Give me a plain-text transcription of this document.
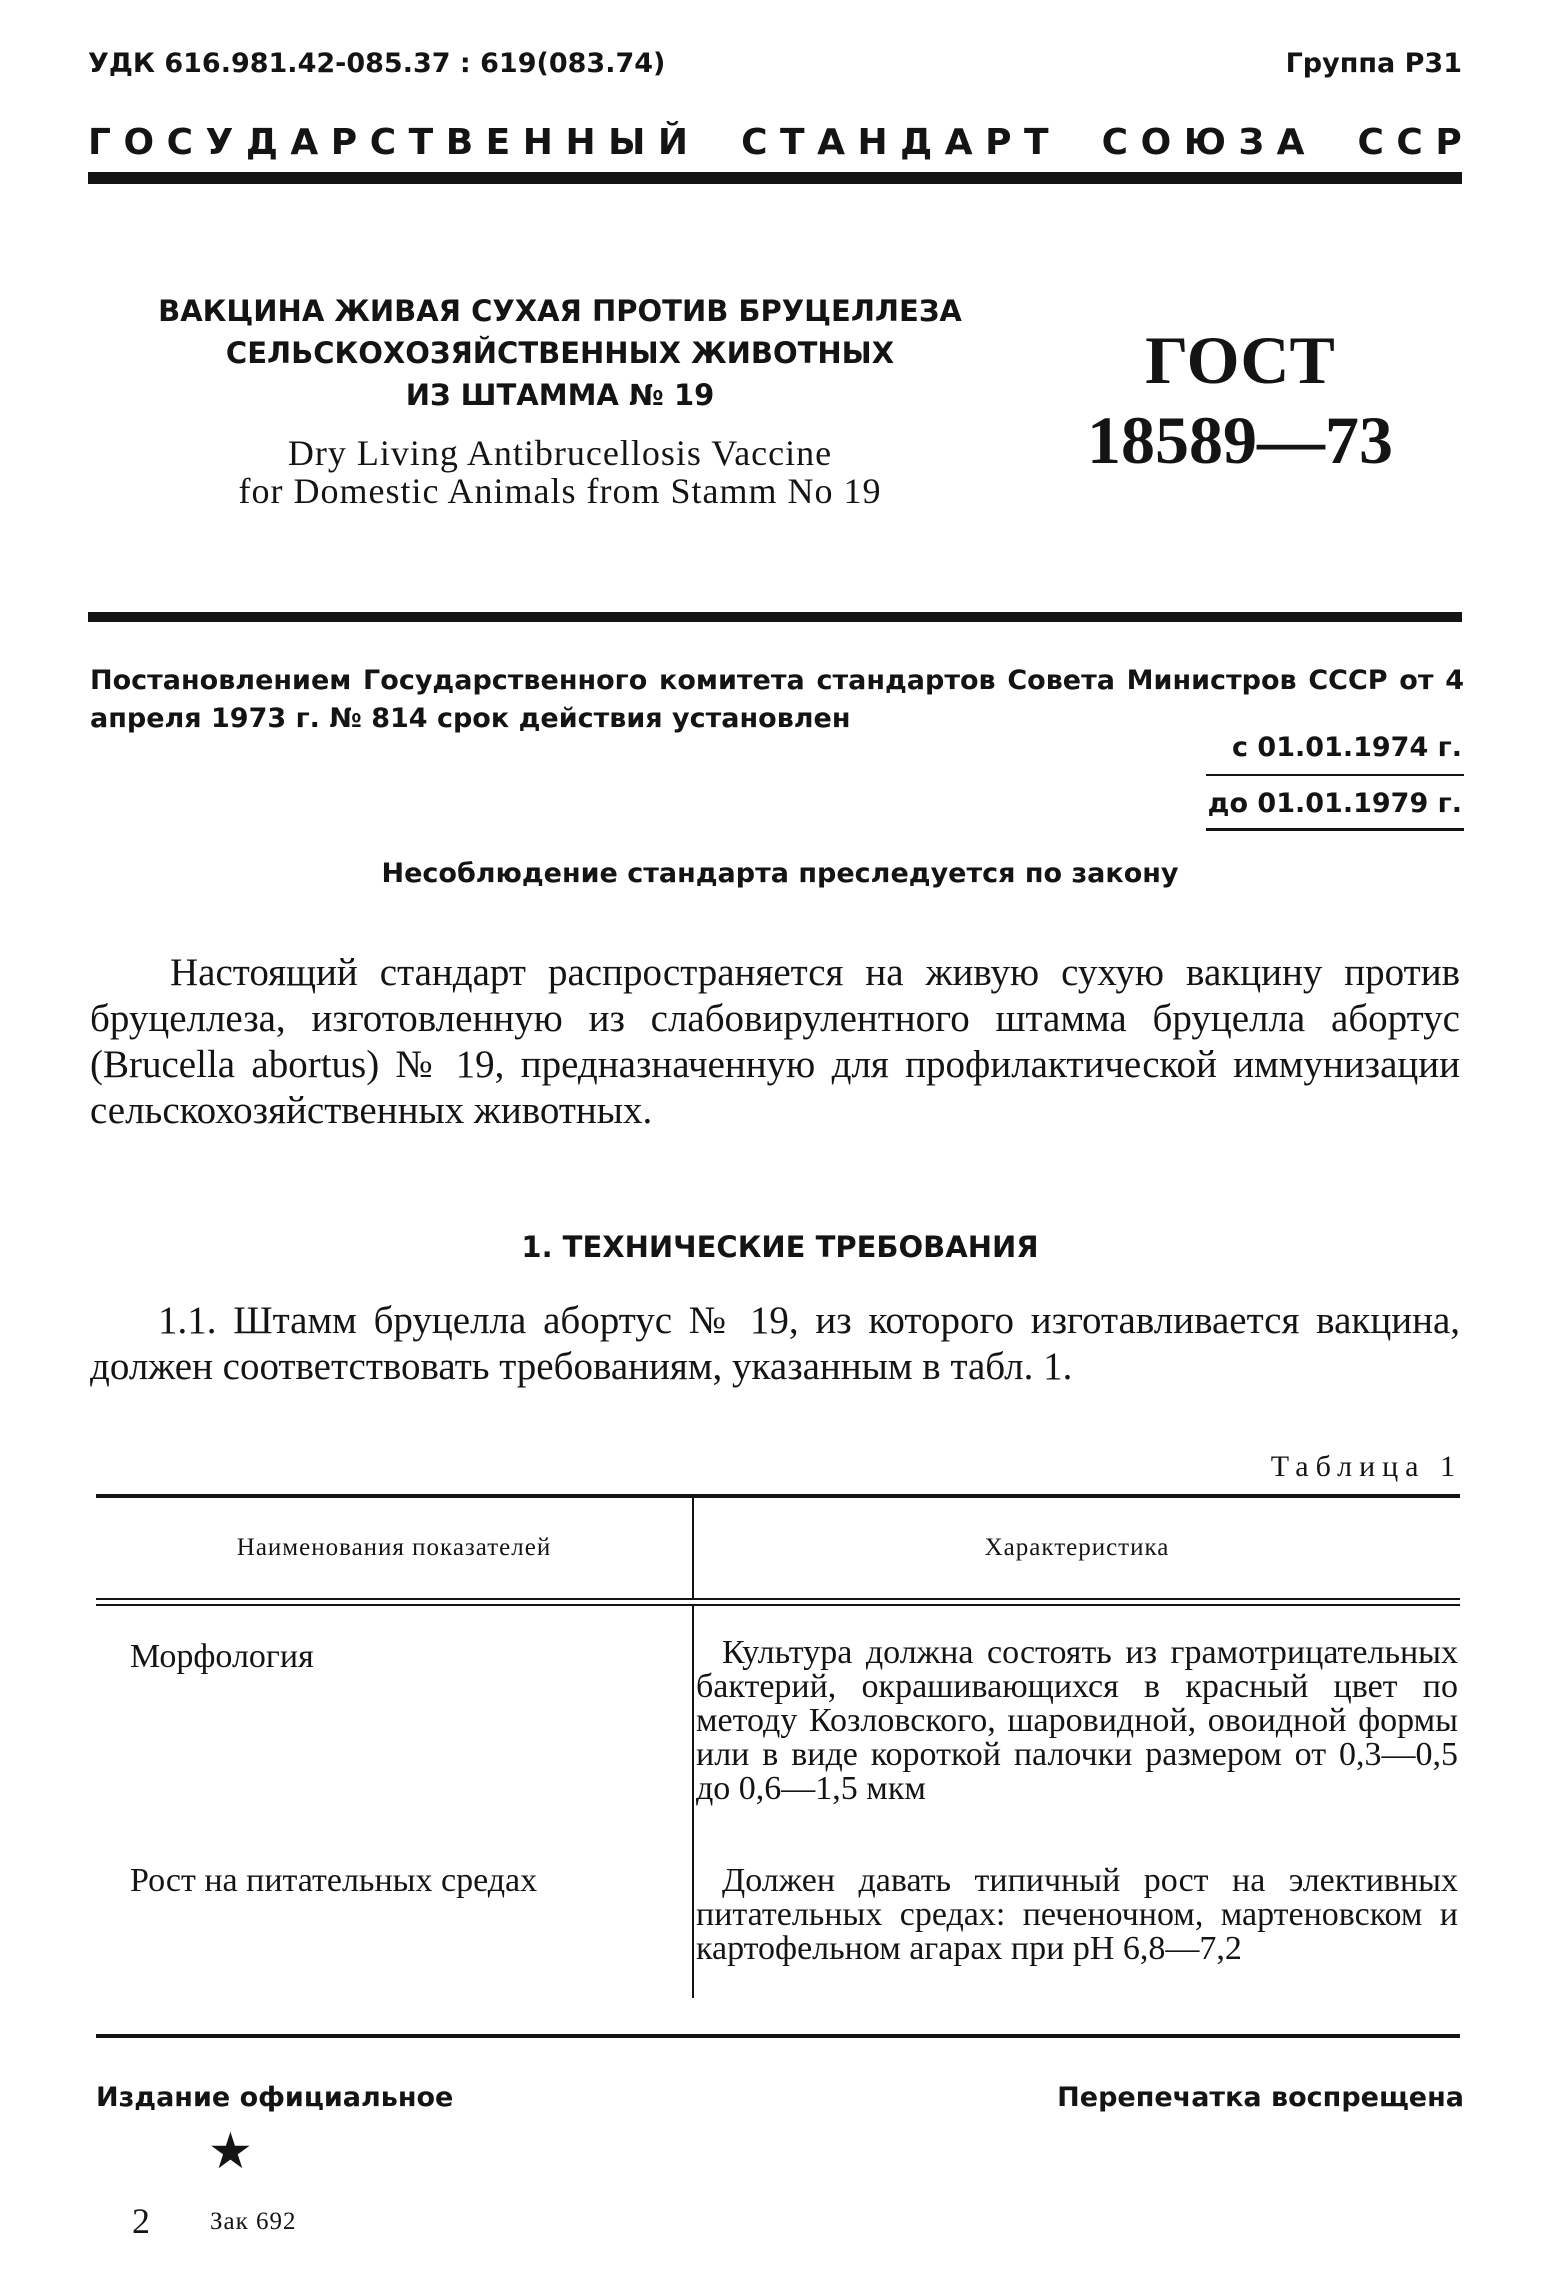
УДК 616.981.42-085.37 : 619(083.74)	Группа Р31
Г О С У Д А Р С Т В Е Н Н Ы Й С Т А Н Д А Р Т С О Ю З А С С Р
ВАКЦИНА ЖИВАЯ СУХАЯ ПРОТИВ БРУЦЕЛЛЕЗА
СЕЛЬСКОХОЗЯЙСТВЕННЫХ ЖИВОТНЫХ
ИЗ ШТАММА № 19
Dry Living Antibrucellosis Vaccine
for Domestic Animals from Stamm No 19
ГОСТ
18589—73
Постановлением Государственного комитета стандартов Совета Министров СССР от 4 апреля 1973 г. № 814 срок действия установлен
с 01.01.1974 г.
до 01.01.1979 г.
Несоблюдение стандарта преследуется по закону
Настоящий стандарт распространяется на живую сухую вакцину против бруцеллеза, изготовленную из слабовирулентного штамма бруцелла абортус (Brucella abortus) № 19, предназначенную для профилактической иммунизации сельскохозяйственных животных.
1. ТЕХНИЧЕСКИЕ ТРЕБОВАНИЯ
1.1. Штамм бруцелла абортус № 19, из которого изготавливается вакцина, должен соответствовать требованиям, указанным в табл. 1.
Таблица 1
Наименования показателей	Характеристика
Морфология	Культура должна состоять из грамотрицательных бактерий, окрашивающихся в красный цвет по методу Козловского, шаровидной, овоидной формы или в виде короткой палочки размером от 0,3—0,5 до 0,6—1,5 мкм
Рост на питательных средах	Должен давать типичный рост на элективных питательных средах: печеночном, мартеновском и картофельном агарах при рН 6,8—7,2
Издание официальное	Перепечатка воспрещена
★
2 Зак 692
